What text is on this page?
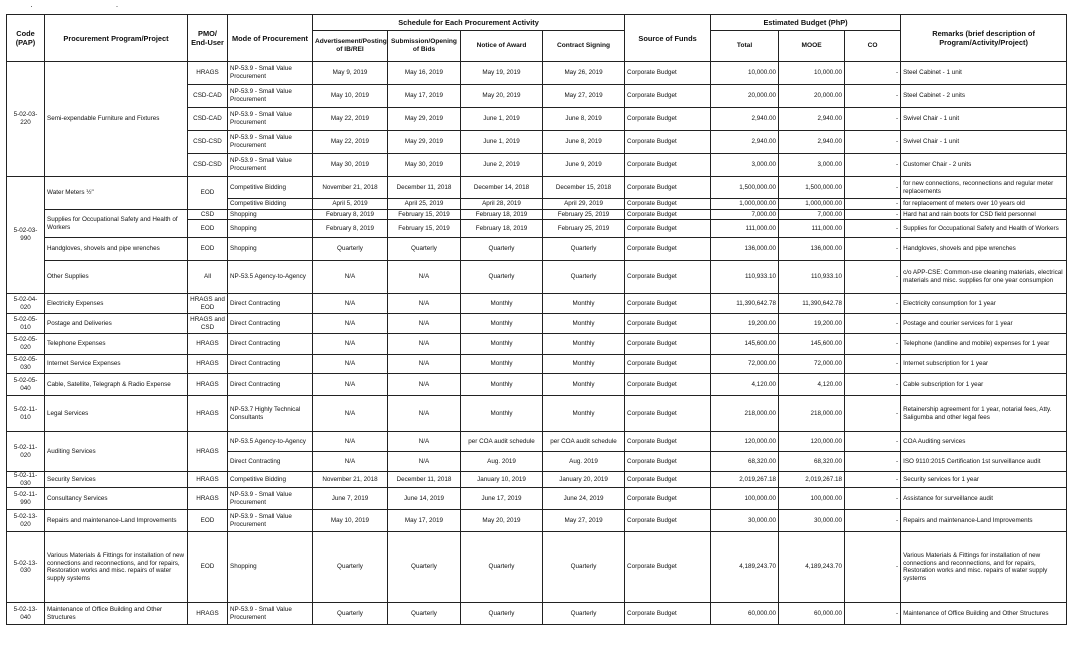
· ·
Code (PAP)	Procurement Program/Project	PMO/ End-User	Mode of Procurement	Schedule for Each Procurement Activity				Source of Funds	Estimated Budget (PhP)			Remarks (brief description of Program/Activity/Project)
				Advertisement/Posting of IB/REI	Submission/Opening of Bids	Notice of Award	Contract Signing		Total	MOOE	CO	
5-02-03-220	Semi-expendable Furniture and Fixtures	HRAGS	NP-53.9 - Small Value Procurement	May 9, 2019	May 16, 2019	May 19, 2019	May 26, 2019	Corporate Budget	10,000.00	10,000.00	-	Steel Cabinet - 1 unit
		CSD-CAD	NP-53.9 - Small Value Procurement	May 10, 2019	May 17, 2019	May 20, 2019	May 27, 2019	Corporate Budget	20,000.00	20,000.00	-	Steel Cabinet - 2 units
		CSD-CAD	NP-53.9 - Small Value Procurement	May 22, 2019	May 29, 2019	June 1, 2019	June 8, 2019	Corporate Budget	2,940.00	2,940.00	-	Swivel Chair - 1 unit
		CSD-CSD	NP-53.9 - Small Value Procurement	May 22, 2019	May 29, 2019	June 1, 2019	June 8, 2019	Corporate Budget	2,940.00	2,940.00	-	Swivel Chair - 1 unit
		CSD-CSD	NP-53.9 - Small Value Procurement	May 30, 2019	May 30, 2019	June 2, 2019	June 9, 2019	Corporate Budget	3,000.00	3,000.00	-	Customer Chair - 2 units
5-02-03-990	Water Meters ½"	EOD	Competitive Bidding	November 21, 2018	December 11, 2018	December 14, 2018	December 15, 2018	Corporate Budget	1,500,000.00	1,500,000.00	-	for new connections, reconnections and regular meter replacements
			Competitive Bidding	April 5, 2019	April 25, 2019	April 28, 2019	April 29, 2019	Corporate Budget	1,000,000.00	1,000,000.00	-	for replacement of meters over 10 years old
	Supplies for Occupational Safety and Health of Workers	CSD	Shopping	February 8, 2019	February 15, 2019	February 18, 2019	February 25, 2019	Corporate Budget	7,000.00	7,000.00	-	Hard hat and rain boots for CSD field personnel
		EOD	Shopping	February 8, 2019	February 15, 2019	February 18, 2019	February 25, 2019	Corporate Budget	111,000.00	111,000.00	-	Supplies for Occupational Safety and Health of Workers
	Handgloves, shovels and pipe wrenches	EOD	Shopping	Quarterly	Quarterly	Quarterly	Quarterly	Corporate Budget	136,000.00	136,000.00	-	Handgloves, shovels and pipe wrenches
	Other Supplies	All	NP-53.5 Agency-to-Agency	N/A	N/A	Quarterly	Quarterly	Corporate Budget	110,933.10	110,933.10	-	c/o APP-CSE: Common-use cleaning materials, electrical materials and misc. supplies for one year consumpion
5-02-04-020	Electricity Expenses	HRAGS and EOD	Direct Contracting	N/A	N/A	Monthly	Monthly	Corporate Budget	11,390,642.78	11,390,642.78	-	Electricity consumption for 1 year
5-02-05-010	Postage and Deliveries	HRAGS and CSD	Direct Contracting	N/A	N/A	Monthly	Monthly	Corporate Budget	19,200.00	19,200.00	-	Postage and courier services for 1 year
5-02-05-020	Telephone Expenses	HRAGS	Direct Contracting	N/A	N/A	Monthly	Monthly	Corporate Budget	145,600.00	145,600.00	-	Telephone (landline and mobile) expenses for 1 year
5-02-05-030	Internet Service Expenses	HRAGS	Direct Contracting	N/A	N/A	Monthly	Monthly	Corporate Budget	72,000.00	72,000.00	-	Internet subscription for 1 year
5-02-05-040	Cable, Satellite, Telegraph & Radio Expense	HRAGS	Direct Contracting	N/A	N/A	Monthly	Monthly	Corporate Budget	4,120.00	4,120.00	-	Cable subscription for 1 year
5-02-11-010	Legal Services	HRAGS	NP-53.7 Highly Technical Consultants	N/A	N/A	Monthly	Monthly	Corporate Budget	218,000.00	218,000.00	-	Retainership agreement for 1 year, notarial fees, Atty. Saligumba and other legal fees
5-02-11-020	Auditing Services	HRAGS	NP-53.5 Agency-to-Agency	N/A	N/A	per COA audit schedule	per COA audit schedule	Corporate Budget	120,000.00	120,000.00	-	COA Auditing services
			Direct Contracting	N/A	N/A	Aug. 2019	Aug. 2019	Corporate Budget	68,320.00	68,320.00	-	ISO 9110:2015 Certification 1st surveillance audit
5-02-11-030	Security Services	HRAGS	Competitive Bidding	November 21, 2018	December 11, 2018	January 10, 2019	January 20, 2019	Corporate Budget	2,019,267.18	2,019,267.18	-	Security services for 1 year
5-02-11-990	Consultancy Services	HRAGS	NP-53.9 - Small Value Procurement	June 7, 2019	June 14, 2019	June 17, 2019	June 24, 2019	Corporate Budget	100,000.00	100,000.00	-	Assistance for surveillance audit
5-02-13-020	Repairs and maintenance-Land Improvements	EOD	NP-53.9 - Small Value Procurement	May 10, 2019	May 17, 2019	May 20, 2019	May 27, 2019	Corporate Budget	30,000.00	30,000.00	-	Repairs and maintenance-Land Improvements
5-02-13-030	Various Materials & Fittings for installation of new connections and reconnections, and for repairs, Restoration works and misc. repairs of water supply systems	EOD	Shopping	Quarterly	Quarterly	Quarterly	Quarterly	Corporate Budget	4,189,243.70	4,189,243.70	-	Various Materials & Fittings for installation of new connections and reconnections, and for repairs, Restoration works and misc. repairs of water supply systems
5-02-13-040	Maintenance of Office Building and Other Structures	HRAGS	NP-53.9 - Small Value Procurement	Quarterly	Quarterly	Quarterly	Quarterly	Corporate Budget	60,000.00	60,000.00	-	Maintenance of Office Building and Other Structures
